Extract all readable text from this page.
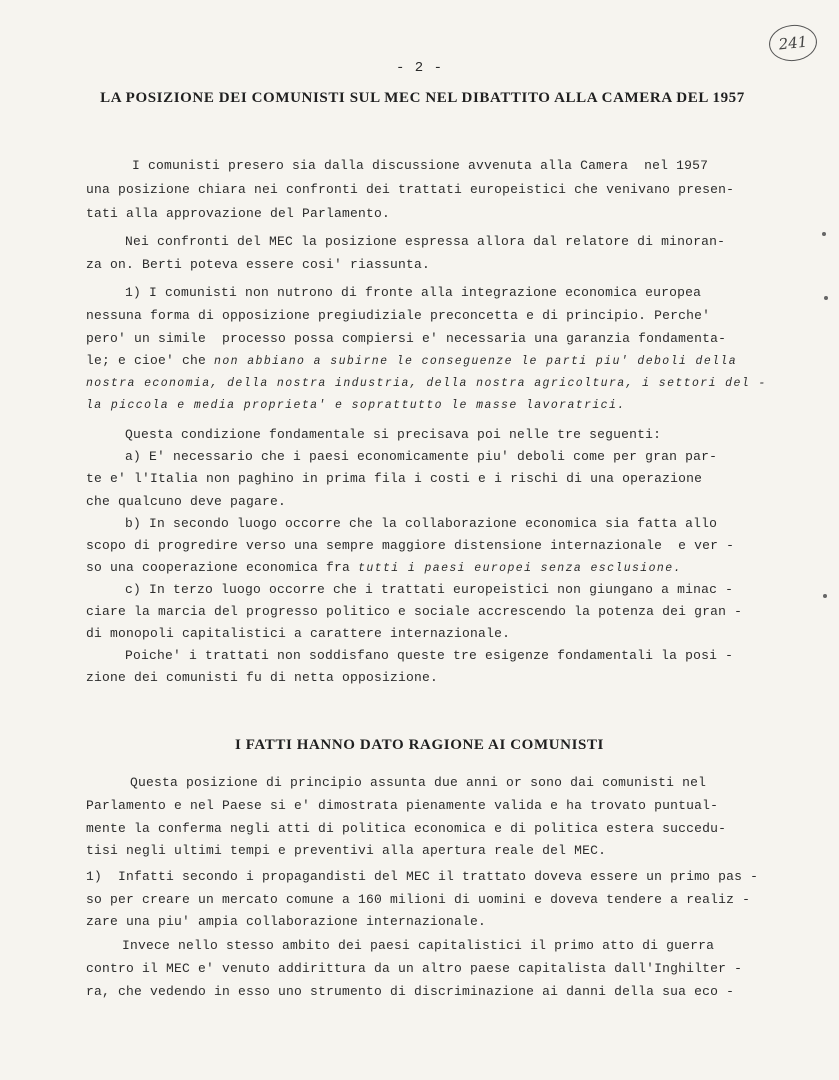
241
- 2 -
LA POSIZIONE DEI COMUNISTI SUL MEC NEL DIBATTITO ALLA CAMERA DEL 1957
I comunisti presero sia dalla discussione avvenuta alla Camera  nel 1957
una posizione chiara nei confronti dei trattati europeistici che venivano presen-
tati alla approvazione del Parlamento.
Nei confronti del MEC la posizione espressa allora dal relatore di minoran-
za on. Berti poteva essere cosi' riassunta.
1) I comunisti non nutrono di fronte alla integrazione economica europea
nessuna forma di opposizione pregiudiziale preconcetta e di principio. Perche'
pero' un simile  processo possa compiersi e' necessaria una garanzia fondamenta-
le; e cioe' che non abbiano a subirne le conseguenze le parti piu' deboli della
nostra economia, della nostra industria, della nostra agricoltura, i settori del -
la piccola e media proprieta' e soprattutto le masse lavoratrici.
Questa condizione fondamentale si precisava poi nelle tre seguenti:
a) E' necessario che i paesi economicamente piu' deboli come per gran par-
te e' l'Italia non paghino in prima fila i costi e i rischi di una operazione
che qualcuno deve pagare.
b) In secondo luogo occorre che la collaborazione economica sia fatta allo
scopo di progredire verso una sempre maggiore distensione internazionale  e ver -
so una cooperazione economica fra tutti i paesi europei senza esclusione.
c) In terzo luogo occorre che i trattati europeistici non giungano a minac -
ciare la marcia del progresso politico e sociale accrescendo la potenza dei gran -
di monopoli capitalistici a carattere internazionale.
Poiche' i trattati non soddisfano queste tre esigenze fondamentali la posi -
zione dei comunisti fu di netta opposizione.
I FATTI HANNO DATO RAGIONE AI COMUNISTI
Questa posizione di principio assunta due anni or sono dai comunisti nel
Parlamento e nel Paese si e' dimostrata pienamente valida e ha trovato puntual-
mente la conferma negli atti di politica economica e di politica estera succedu-
tisi negli ultimi tempi e preventivi alla apertura reale del MEC.
1)  Infatti secondo i propagandisti del MEC il trattato doveva essere un primo pas -
so per creare un mercato comune a 160 milioni di uomini e doveva tendere a realiz -
zare una piu' ampia collaborazione internazionale.
Invece nello stesso ambito dei paesi capitalistici il primo atto di guerra
contro il MEC e' venuto addirittura da un altro paese capitalista dall'Inghilter -
ra, che vedendo in esso uno strumento di discriminazione ai danni della sua eco -
